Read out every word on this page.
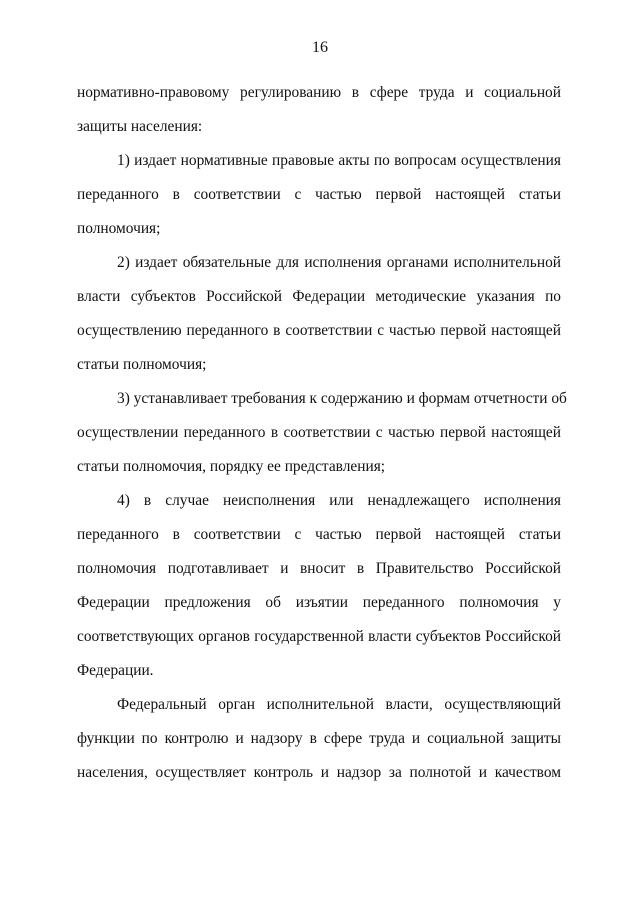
16

нормативно-правовому регулированию в сфере труда и социальной
защиты населения:

1) издает нормативные правовые акты по вопросам осуществления
переданного в соответствии с частью первой настоящей статьи
полномочия;

2) издает обязательные для исполнения органами исполнительной
власти субъектов Российской Федерации методические указания по
осуществлению переданного в соответствии с частью первой настоящей
статьи полномочия;

3) устанавливает требования к содержанию и формам отчетности об
осуществлении переданного в соответствии с частью первой настоящей
статьи полномочия, порядку ее представления;

4) в случае неисполнения или ненадлежащего исполнения
переданного в соответствии с частью первой настоящей статьи
полномочия подготавливает и вносит в Правительство Российской
Федерации предложения об изъятии переданного полномочия у
соответствующих органов государственной власти субъектов Российской
Федерации.

Федеральный орган исполнительной власти, осуществляющий
функции по контролю и надзору в сфере труда и социальной защиты
населения, осуществляет контроль и надзор за полнотой и качеством
